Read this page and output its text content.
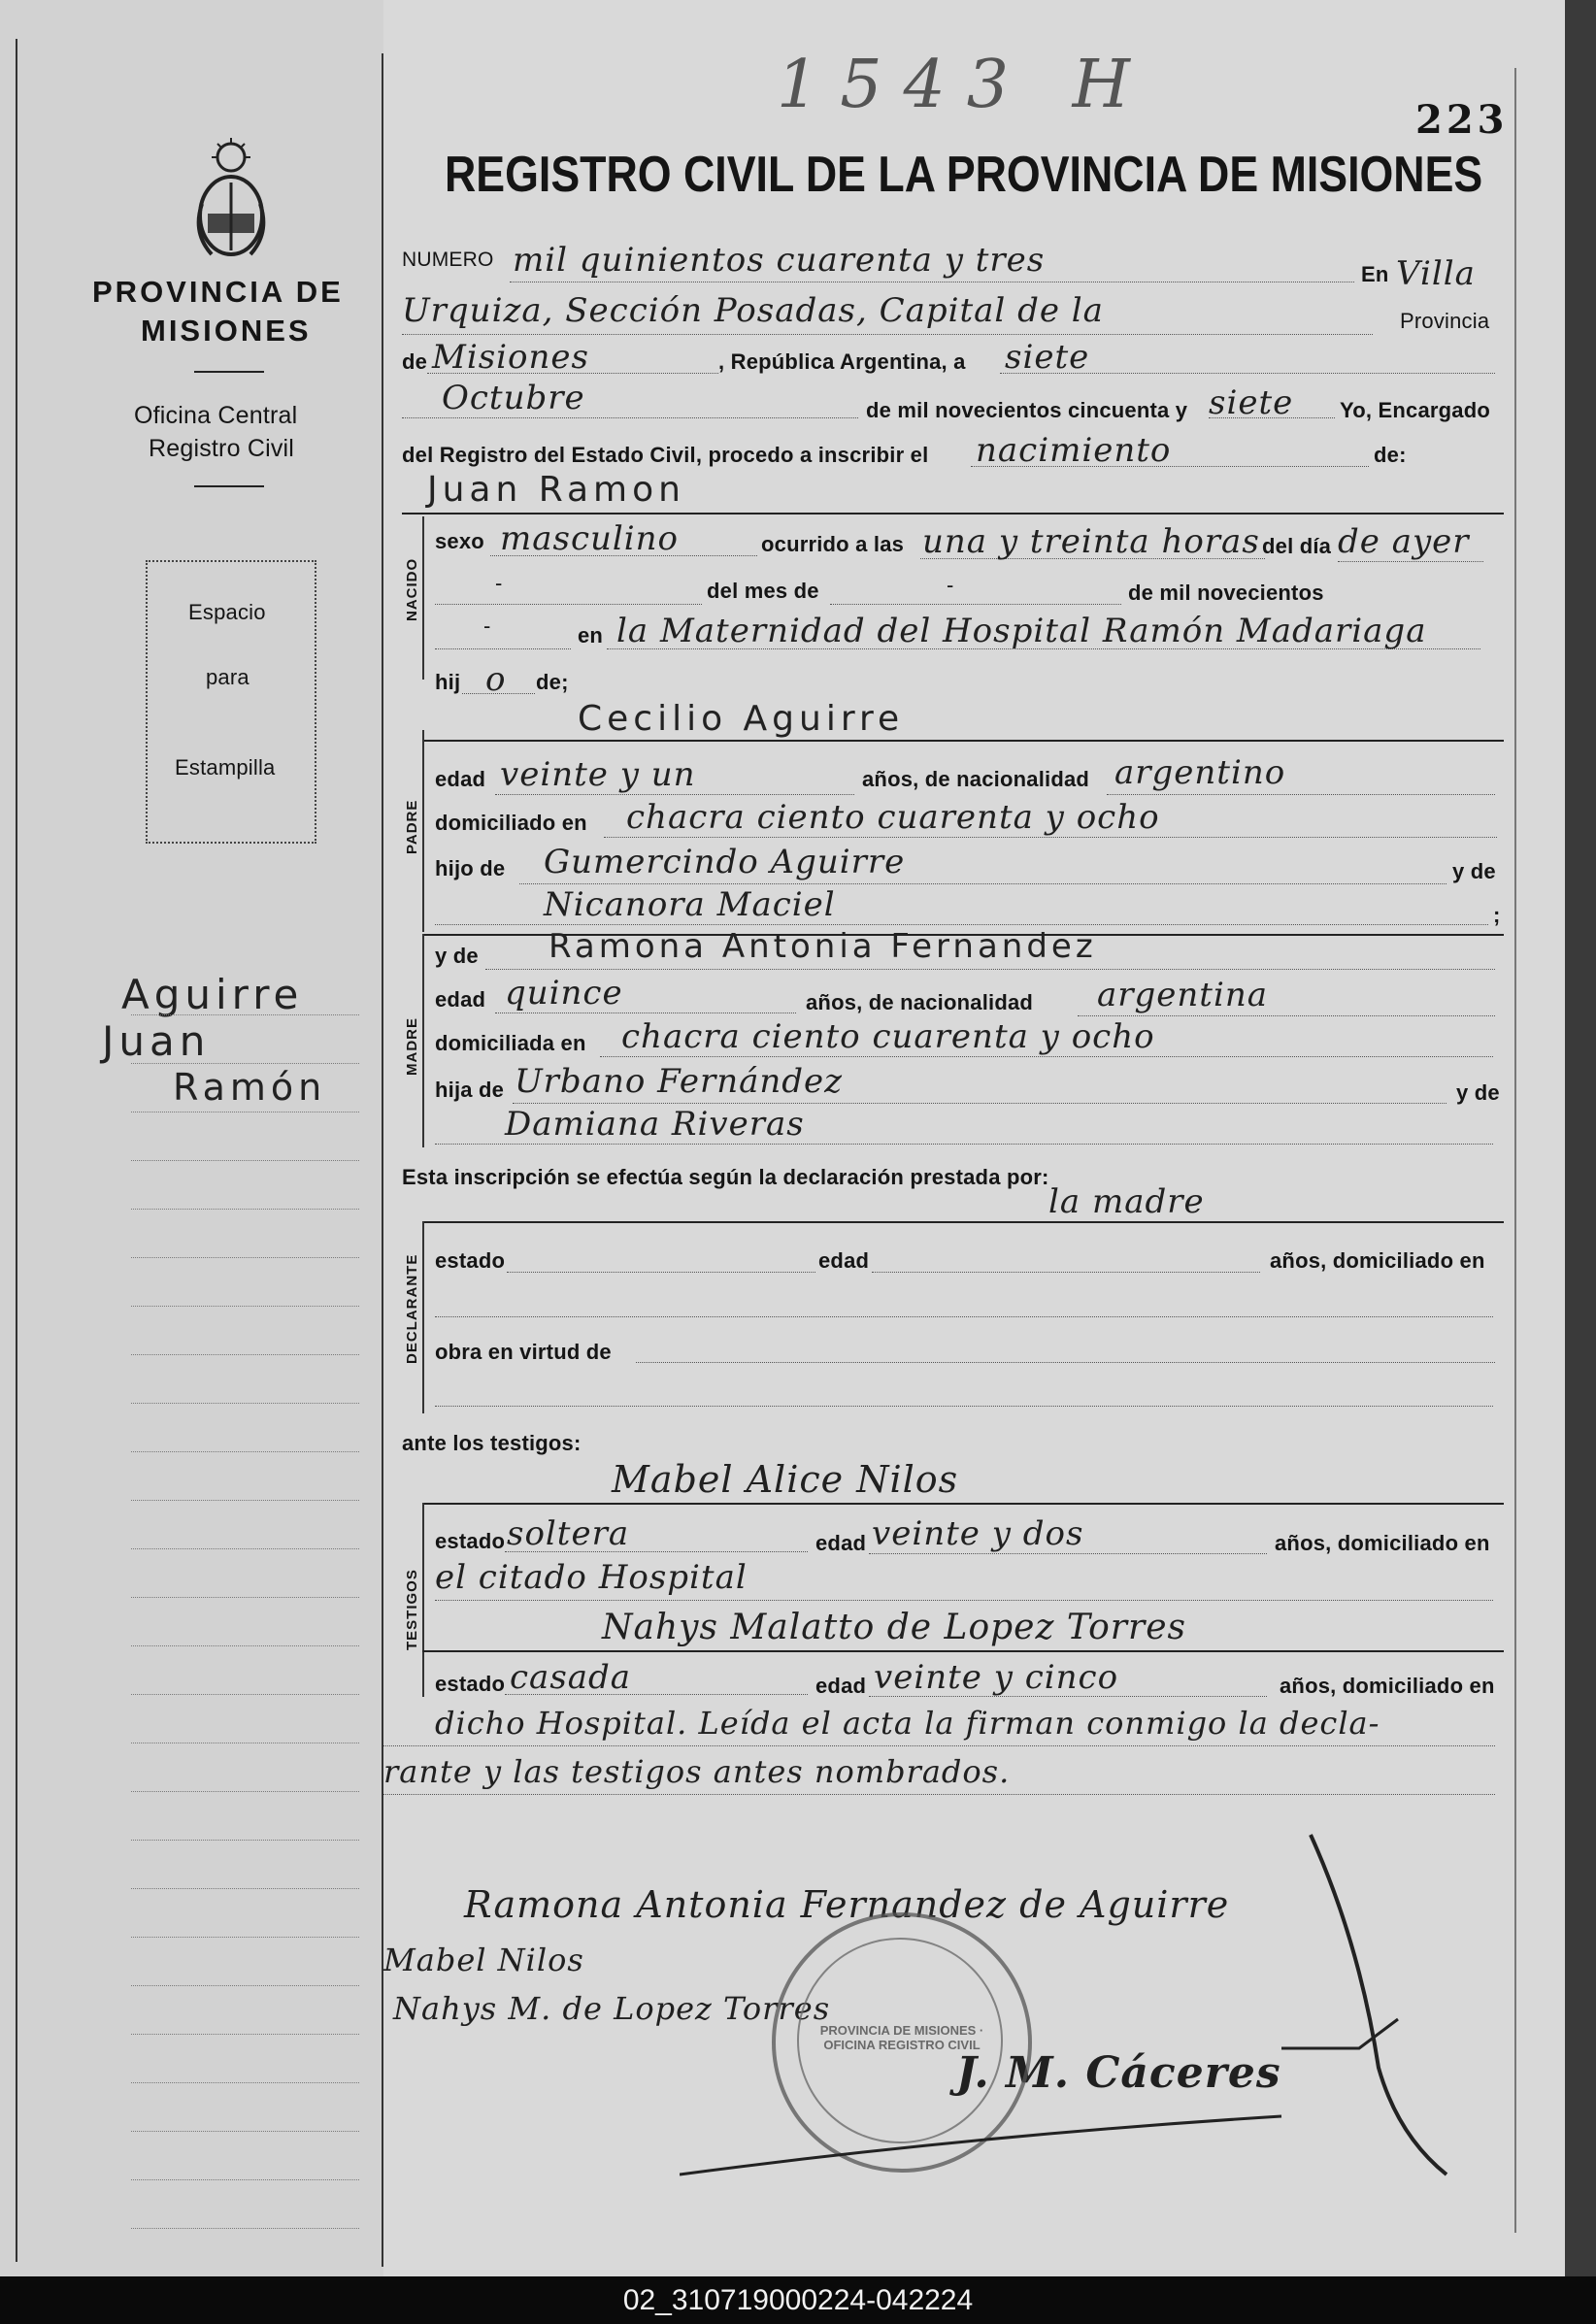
1543 H	223
REGISTRO CIVIL DE LA PROVINCIA DE MISIONES
PROVINCIA DE
MISIONES
Oficina Central
Registro Civil
Espacio
para
Estampilla
Aguirre
Juan
Ramón
NUMERO mil quinientos cuarenta y tres	En Villa
Urquiza, Sección Posadas, Capital de la	Provincia
de Misiones	, República Argentina, a siete
Octubre	de mil novecientos cincuenta y siete Yo, Encargado
del Registro del Estado Civil, procedo a inscribir el nacimiento	de:
Juan Ramon
NACIDO
sexo masculino	ocurrido a las una y treinta horas del día de ayer
-	del mes de	-	de mil novecientos
-	en la Maternidad del Hospital Ramón Madariaga
hij o de;
Cecilio Aguirre
PADRE
edad veinte y un	años, de nacionalidad argentino
domiciliado en chacra ciento cuarenta y ocho
hijo de Gumercindo Aguirre	y de
Nicanora Maciel	;
MADRE
y de Ramona Antonia Fernandez
edad quince	años, de nacionalidad argentina
domiciliada en chacra ciento cuarenta y ocho
hija de Urbano Fernández	y de
Damiana Riveras
Esta inscripción se efectúa según la declaración prestada por:
la madre
DECLARANTE estado	edad	años, domiciliado en
obra en virtud de
ante los testigos:
Mabel Alice Nilos
TESTIGOS
estado soltera	edad veinte y dos	años, domiciliado en
el citado Hospital
Nahys Malatto de Lopez Torres
estado casada	edad veinte y cinco	años, domiciliado en
dicho Hospital. Leída el acta la firman conmigo la decla-
rante y las testigos antes nombrados.
Ramona Antonia Fernandez de Aguirre
Mabel Nilos
Nahys M. de Lopez Torres
J. M. Cáceres
PROVINCIA DE MISIONES · OFICINA REGISTRO CIVIL
02_310719000224-042224
